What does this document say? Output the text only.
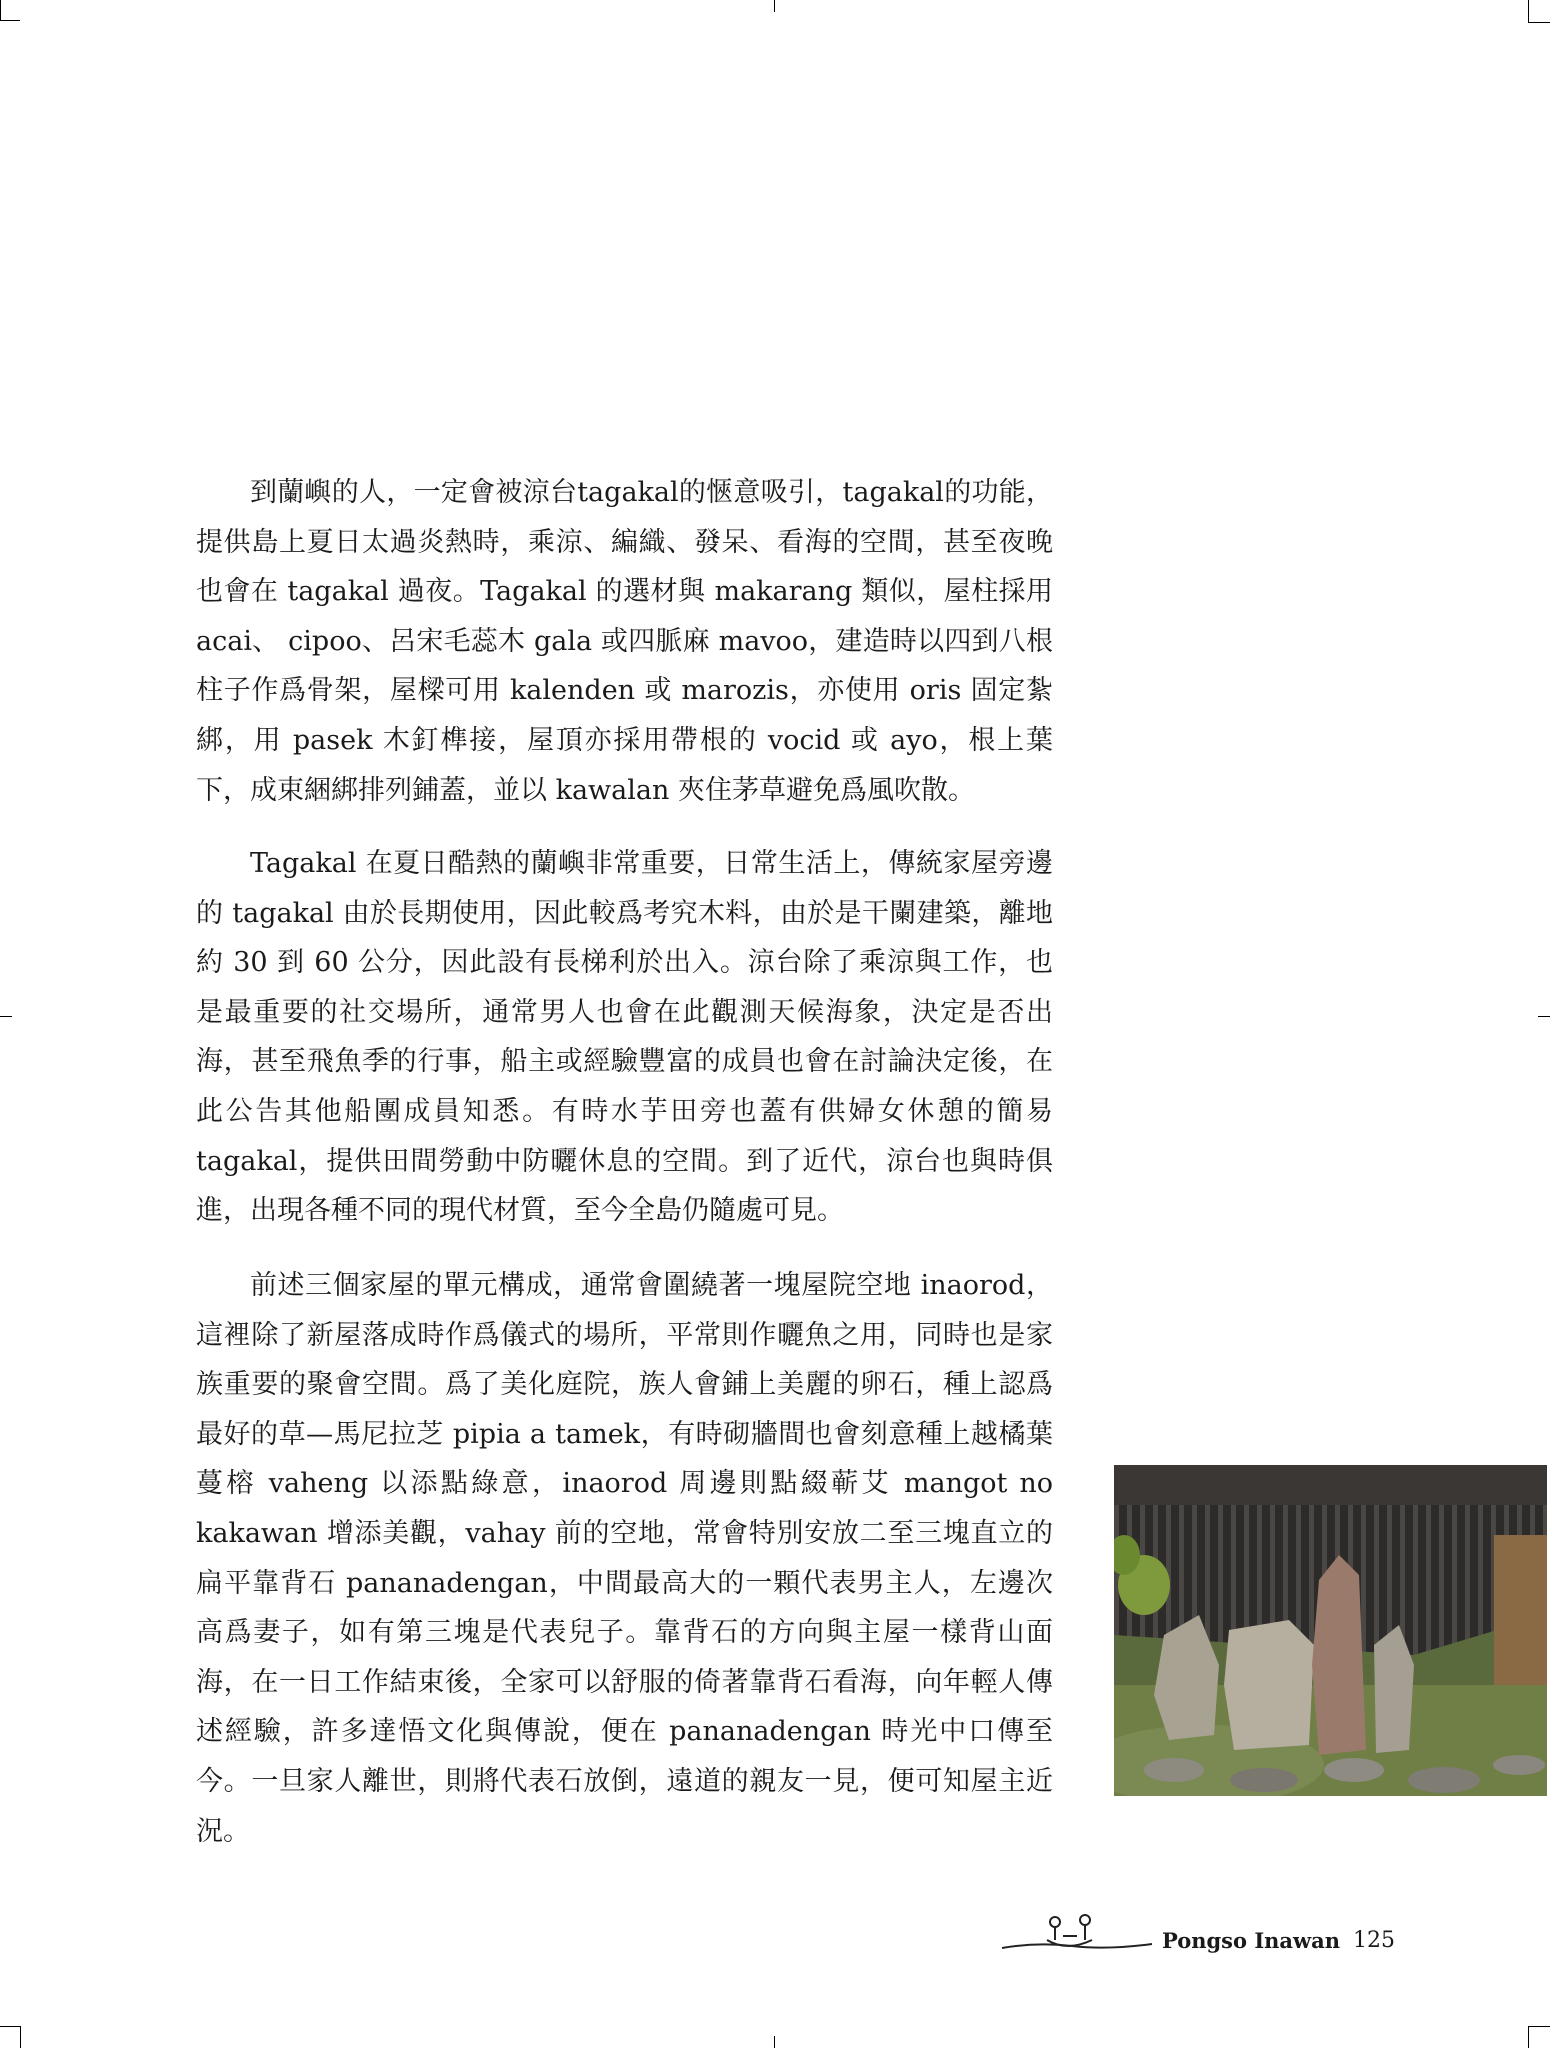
到蘭嶼的人，一定會被涼台tagakal的愜意吸引，tagakal的功能，提供島上夏日太過炎熱時，乘涼、編織、發呆、看海的空間，甚至夜晚也會在 tagakal 過夜。Tagakal 的選材與 makarang 類似，屋柱採用 acai、 cipoo、呂宋毛蕊木 gala 或四脈麻 mavoo，建造時以四到八根柱子作爲骨架，屋樑可用 kalenden 或 marozis，亦使用 oris 固定紮綁，用 pasek 木釘榫接，屋頂亦採用帶根的 vocid 或 ayo，根上葉下，成束綑綁排列鋪蓋，並以 kawalan 夾住茅草避免爲風吹散。

Tagakal 在夏日酷熱的蘭嶼非常重要，日常生活上，傳統家屋旁邊的 tagakal 由於長期使用，因此較爲考究木料，由於是干闌建築，離地約 30 到 60 公分，因此設有長梯利於出入。涼台除了乘涼與工作，也是最重要的社交場所，通常男人也會在此觀測天候海象，決定是否出海，甚至飛魚季的行事，船主或經驗豐富的成員也會在討論決定後，在此公告其他船團成員知悉。有時水芋田旁也蓋有供婦女休憩的簡易tagakal，提供田間勞動中防曬休息的空間。到了近代，涼台也與時俱進，出現各種不同的現代材質，至今全島仍隨處可見。

前述三個家屋的單元構成，通常會圍繞著一塊屋院空地 inaorod，這裡除了新屋落成時作爲儀式的場所，平常則作曬魚之用，同時也是家族重要的聚會空間。爲了美化庭院，族人會鋪上美麗的卵石，種上認爲最好的草—馬尼拉芝 pipia a tamek，有時砌牆間也會刻意種上越橘葉蔓榕 vaheng 以添點綠意，inaorod 周邊則點綴蕲艾 mangot no kakawan 增添美觀，vahay 前的空地，常會特別安放二至三塊直立的扁平靠背石 pananadengan，中間最高大的一顆代表男主人，左邊次高爲妻子，如有第三塊是代表兒子。靠背石的方向與主屋一樣背山面海，在一日工作結束後，全家可以舒服的倚著靠背石看海，向年輕人傳述經驗，許多達悟文化與傳說，便在 pananadengan 時光中口傳至今。一旦家人離世，則將代表石放倒，遠道的親友一見，便可知屋主近況。

Pongso Inawan 125
